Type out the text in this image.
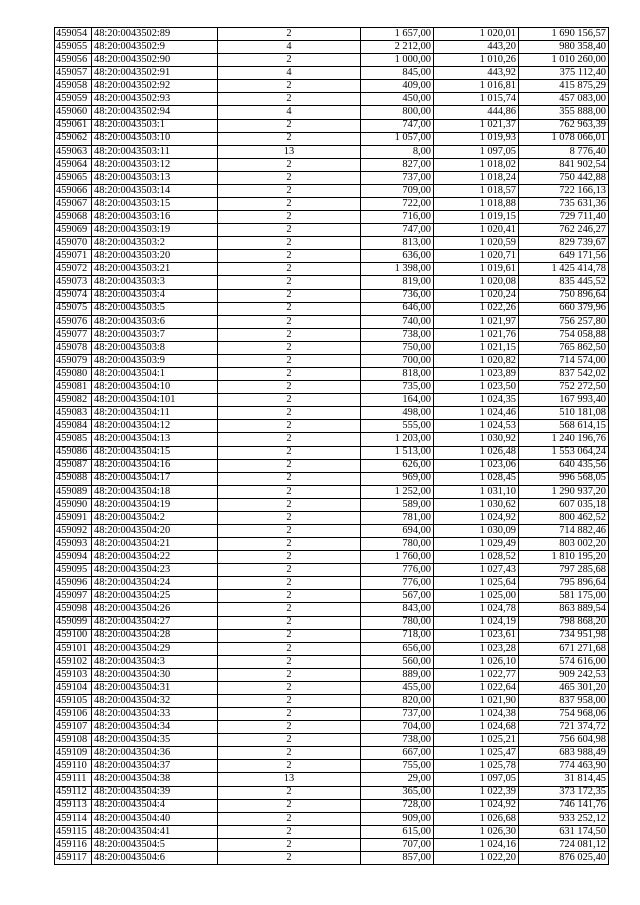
459054	48:20:0043502:89	2	1 657,00	1 020,01	1 690 156,57
459055	48:20:0043502:9	4	2 212,00	443,20	980 358,40
459056	48:20:0043502:90	2	1 000,00	1 010,26	1 010 260,00
459057	48:20:0043502:91	4	845,00	443,92	375 112,40
459058	48:20:0043502:92	2	409,00	1 016,81	415 875,29
459059	48:20:0043502:93	2	450,00	1 015,74	457 083,00
459060	48:20:0043502:94	4	800,00	444,86	355 888,00
459061	48:20:0043503:1	2	747,00	1 021,37	762 963,39
459062	48:20:0043503:10	2	1 057,00	1 019,93	1 078 066,01
459063	48:20:0043503:11	13	8,00	1 097,05	8 776,40
459064	48:20:0043503:12	2	827,00	1 018,02	841 902,54
459065	48:20:0043503:13	2	737,00	1 018,24	750 442,88
459066	48:20:0043503:14	2	709,00	1 018,57	722 166,13
459067	48:20:0043503:15	2	722,00	1 018,88	735 631,36
459068	48:20:0043503:16	2	716,00	1 019,15	729 711,40
459069	48:20:0043503:19	2	747,00	1 020,41	762 246,27
459070	48:20:0043503:2	2	813,00	1 020,59	829 739,67
459071	48:20:0043503:20	2	636,00	1 020,71	649 171,56
459072	48:20:0043503:21	2	1 398,00	1 019,61	1 425 414,78
459073	48:20:0043503:3	2	819,00	1 020,08	835 445,52
459074	48:20:0043503:4	2	736,00	1 020,24	750 896,64
459075	48:20:0043503:5	2	646,00	1 022,26	660 379,96
459076	48:20:0043503:6	2	740,00	1 021,97	756 257,80
459077	48:20:0043503:7	2	738,00	1 021,76	754 058,88
459078	48:20:0043503:8	2	750,00	1 021,15	765 862,50
459079	48:20:0043503:9	2	700,00	1 020,82	714 574,00
459080	48:20:0043504:1	2	818,00	1 023,89	837 542,02
459081	48:20:0043504:10	2	735,00	1 023,50	752 272,50
459082	48:20:0043504:101	2	164,00	1 024,35	167 993,40
459083	48:20:0043504:11	2	498,00	1 024,46	510 181,08
459084	48:20:0043504:12	2	555,00	1 024,53	568 614,15
459085	48:20:0043504:13	2	1 203,00	1 030,92	1 240 196,76
459086	48:20:0043504:15	2	1 513,00	1 026,48	1 553 064,24
459087	48:20:0043504:16	2	626,00	1 023,06	640 435,56
459088	48:20:0043504:17	2	969,00	1 028,45	996 568,05
459089	48:20:0043504:18	2	1 252,00	1 031,10	1 290 937,20
459090	48:20:0043504:19	2	589,00	1 030,62	607 035,18
459091	48:20:0043504:2	2	781,00	1 024,92	800 462,52
459092	48:20:0043504:20	2	694,00	1 030,09	714 882,46
459093	48:20:0043504:21	2	780,00	1 029,49	803 002,20
459094	48:20:0043504:22	2	1 760,00	1 028,52	1 810 195,20
459095	48:20:0043504:23	2	776,00	1 027,43	797 285,68
459096	48:20:0043504:24	2	776,00	1 025,64	795 896,64
459097	48:20:0043504:25	2	567,00	1 025,00	581 175,00
459098	48:20:0043504:26	2	843,00	1 024,78	863 889,54
459099	48:20:0043504:27	2	780,00	1 024,19	798 868,20
459100	48:20:0043504:28	2	718,00	1 023,61	734 951,98
459101	48:20:0043504:29	2	656,00	1 023,28	671 271,68
459102	48:20:0043504:3	2	560,00	1 026,10	574 616,00
459103	48:20:0043504:30	2	889,00	1 022,77	909 242,53
459104	48:20:0043504:31	2	455,00	1 022,64	465 301,20
459105	48:20:0043504:32	2	820,00	1 021,90	837 958,00
459106	48:20:0043504:33	2	737,00	1 024,38	754 968,06
459107	48:20:0043504:34	2	704,00	1 024,68	721 374,72
459108	48:20:0043504:35	2	738,00	1 025,21	756 604,98
459109	48:20:0043504:36	2	667,00	1 025,47	683 988,49
459110	48:20:0043504:37	2	755,00	1 025,78	774 463,90
459111	48:20:0043504:38	13	29,00	1 097,05	31 814,45
459112	48:20:0043504:39	2	365,00	1 022,39	373 172,35
459113	48:20:0043504:4	2	728,00	1 024,92	746 141,76
459114	48:20:0043504:40	2	909,00	1 026,68	933 252,12
459115	48:20:0043504:41	2	615,00	1 026,30	631 174,50
459116	48:20:0043504:5	2	707,00	1 024,16	724 081,12
459117	48:20:0043504:6	2	857,00	1 022,20	876 025,40
